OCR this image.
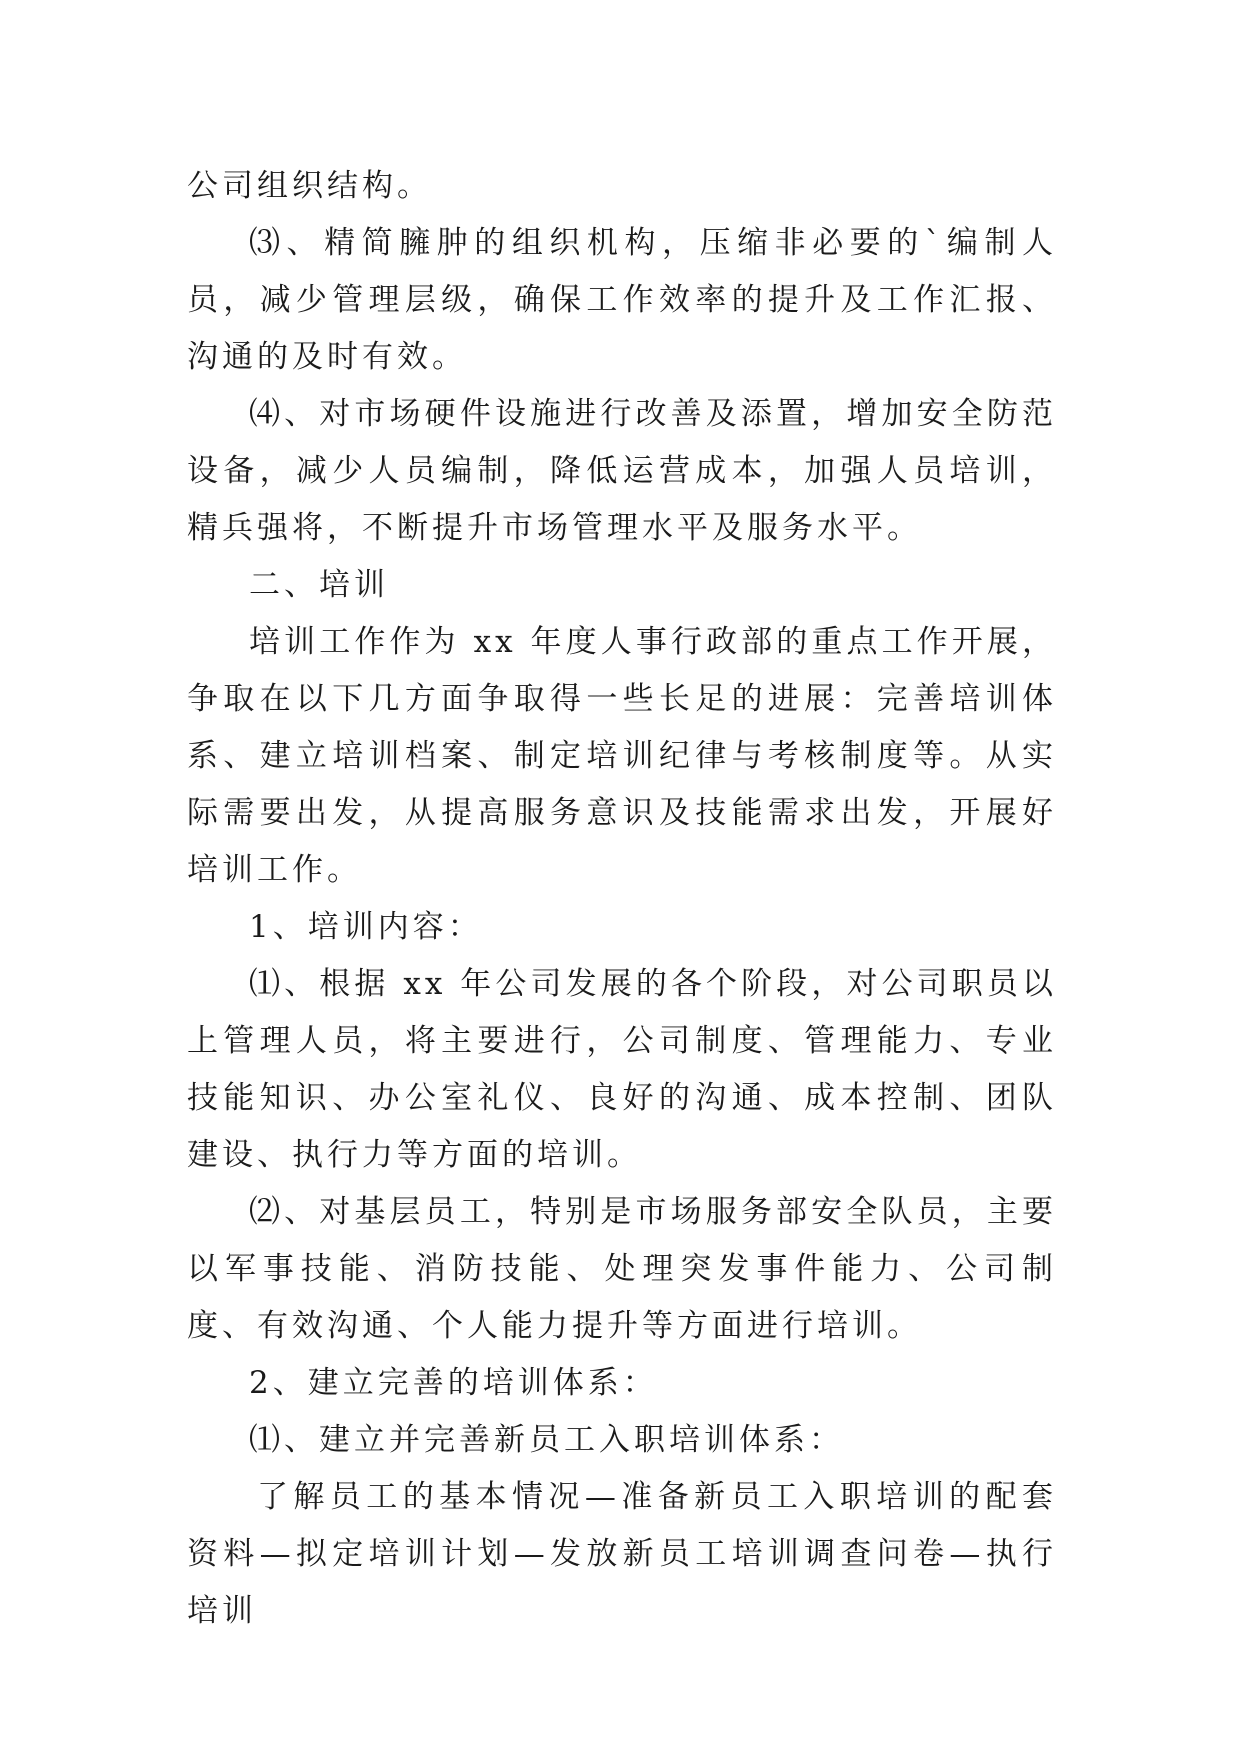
公司组织结构。

⑶、精简臃肿的组织机构，压缩非必要的`编制人员，减少管理层级，确保工作效率的提升及工作汇报、沟通的及时有效。

⑷、对市场硬件设施进行改善及添置，增加安全防范设备，减少人员编制，降低运营成本，加强人员培训，精兵强将，不断提升市场管理水平及服务水平。

二、培训

培训工作作为 xx 年度人事行政部的重点工作开展，争取在以下几方面争取得一些长足的进展：完善培训体系、建立培训档案、制定培训纪律与考核制度等。从实际需要出发，从提高服务意识及技能需求出发，开展好培训工作。

1、培训内容：

⑴、根据 xx 年公司发展的各个阶段，对公司职员以上管理人员，将主要进行，公司制度、管理能力、专业技能知识、办公室礼仪、良好的沟通、成本控制、团队建设、执行力等方面的培训。

⑵、对基层员工，特别是市场服务部安全队员，主要以军事技能、消防技能、处理突发事件能力、公司制度、有效沟通、个人能力提升等方面进行培训。

2、建立完善的培训体系：

⑴、建立并完善新员工入职培训体系：

了解员工的基本情况—准备新员工入职培训的配套资料—拟定培训计划—发放新员工培训调查问卷—执行培训
